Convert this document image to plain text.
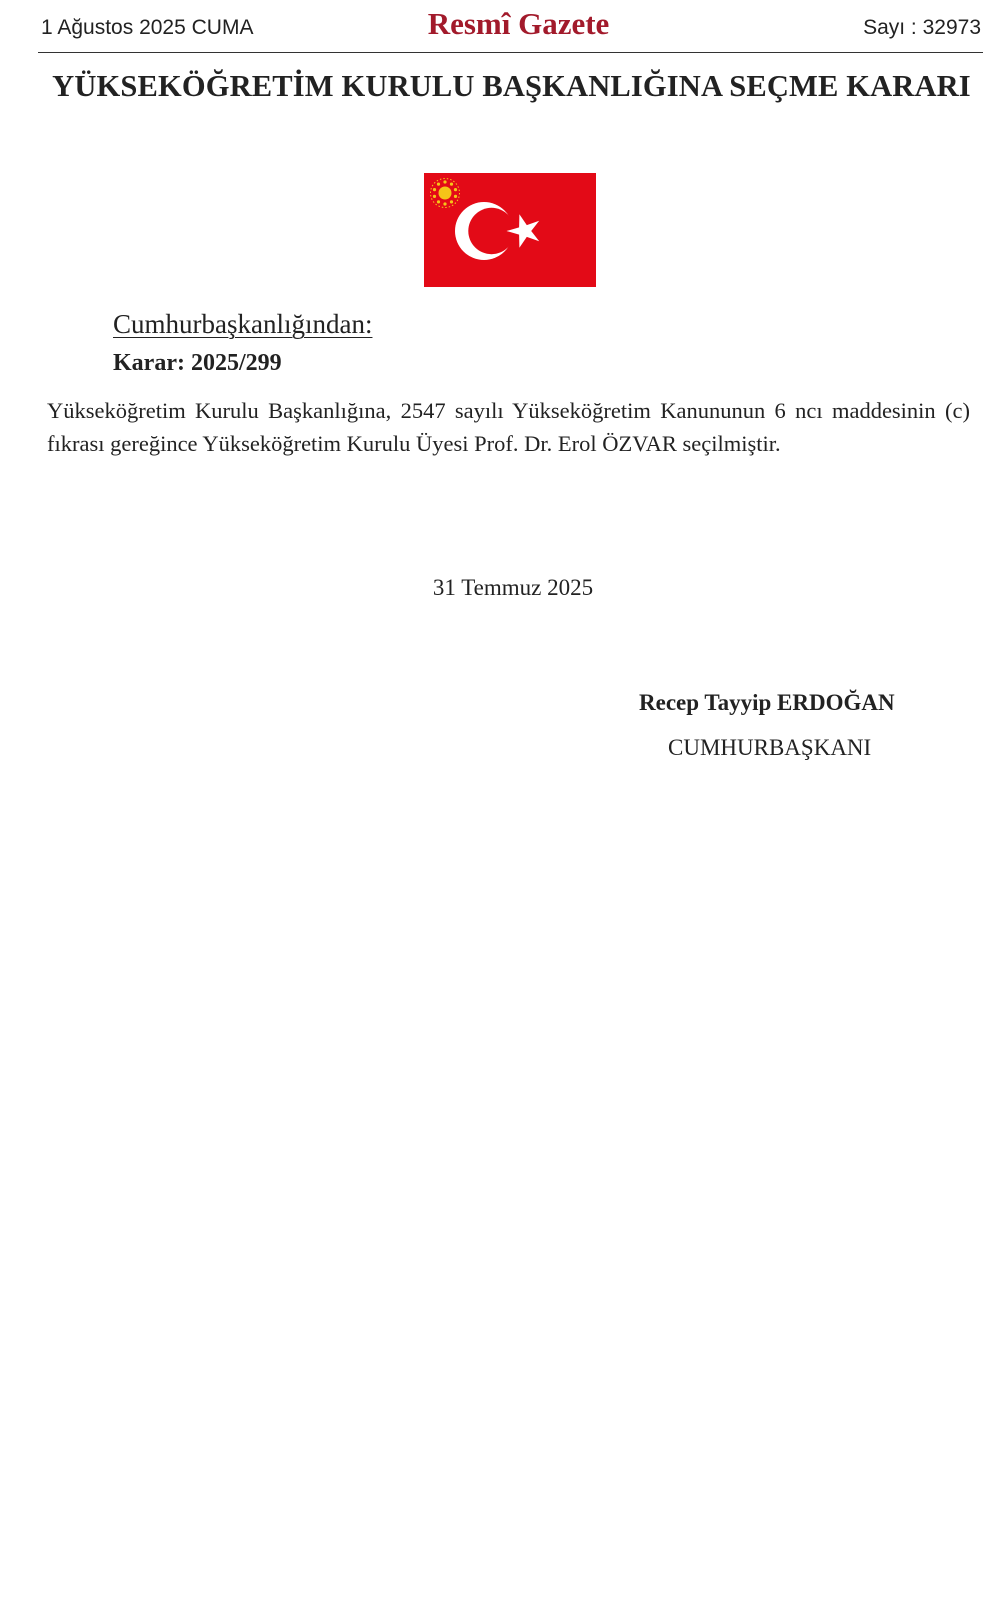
1 Ağustos 2025 CUMA	Resmî Gazete	Sayı : 32973
YÜKSEKÖĞRETİM KURULU BAŞKANLIĞINA SEÇME KARARI
Cumhurbaşkanlığından:
Karar: 2025/299
Yükseköğretim Kurulu Başkanlığına, 2547 sayılı Yükseköğretim Kanununun 6 ncı maddesinin (c) fıkrası gereğince Yükseköğretim Kurulu Üyesi Prof. Dr. Erol ÖZVAR seçilmiştir.
31 Temmuz 2025
Recep Tayyip ERDOĞAN
CUMHURBAŞKANI
